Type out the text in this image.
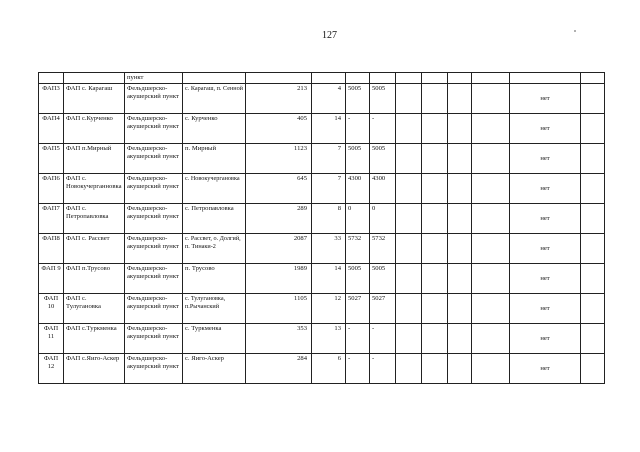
127
		пункт											
ФАП3	ФАП с. Карагаш	Фельдшерско-акушерский пункт	с. Карагаш, п. Сенной	213	4	5005	5005					нет	
ФАП4	ФАП с.Курченко	Фельдшерско-акушерский пункт	с. Курченко	405	14	-	-					нет	
ФАП5	ФАП п.Мирный	Фельдшерско-акушерский пункт	п. Мирный	1123	7	5005	5005					нет	
ФАП6	ФАП с. Новокучерганновка	Фельдшерско-акушерский пункт	с. Новокучергановка	645	7	4300	4300					нет	
ФАП7	ФАП с. Петропавловка	Фельдшерско-акушерский пункт	с. Петропавловка	289	8	0	0					нет	
ФАП8	ФАП с. Рассвет	Фельдшерско-акушерский пункт	с. Рассвет, о. Долгий, п. Тинаки-2	2087	33	5732	5732					нет	
ФАП 9	ФАП п.Трусово	Фельдшерско-акушерский пункт	п. Трусово	1989	14	5005	5005					нет	
ФАП 10	ФАП с. Тулугановка	Фельдшерско-акушерский пункт	с. Тулугановка, п.Рычанский	1105	12	5027	5027					нет	
ФАП 11	ФАП с.Туркменка	Фельдшерско-акушерский пункт	с. Туркменка	353	13	-	-					нет	
ФАП 12	ФАП с.Яиго-Аскер	Фельдшерско-акушерский пункт	с. Яиго-Аскер	284	6	-	-					нет	
